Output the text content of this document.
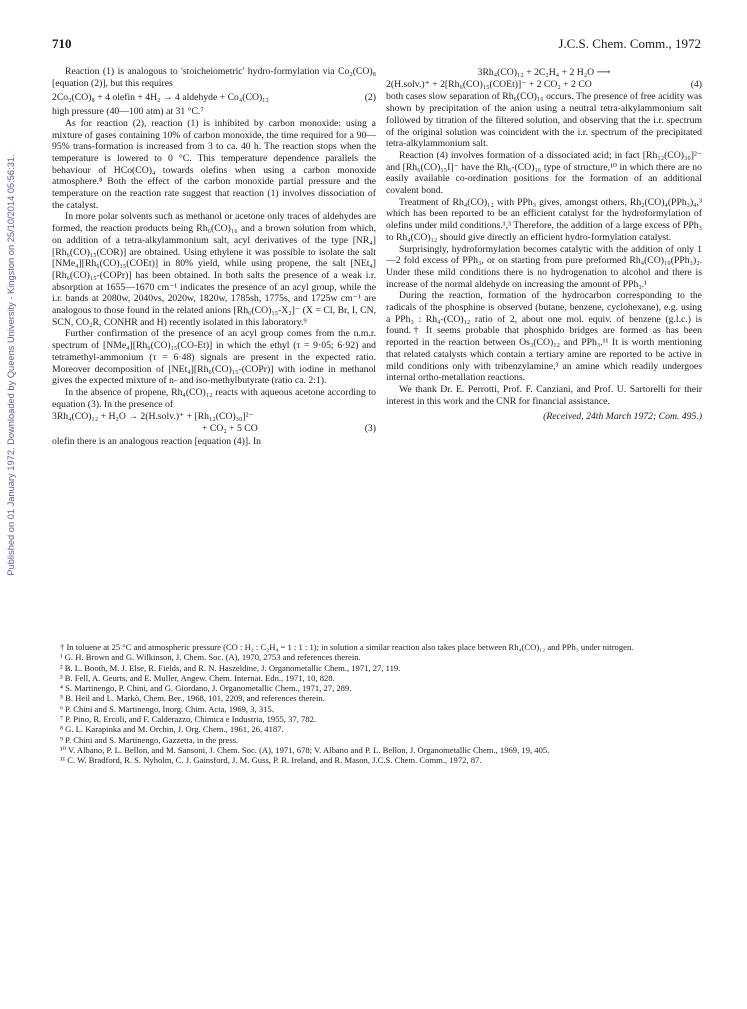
Published on 01 January 1972. Downloaded by Queens University - Kingston on 25/10/2014 05:56:31.
710	J.C.S. Chem. Comm., 1972

Reaction (1) is analogous to 'stoicheiometric' hydro-formylation via Co₂(CO)₈ [equation (2)], but this requires

2Co₂(CO)₈ + 4 olefin + 4H₂ → 4 aldehyde + Co₄(CO)₁₂	(2)

high pressure (40—100 atm) at 31 °C.⁷

As for reaction (2), reaction (1) is inhibited by carbon monoxide: using a mixture of gases containing 10% of carbon monoxide, the time required for a 90—95% trans-formation is increased from 3 to ca. 40 h. The reaction stops when the temperature is lowered to 0 °C. This temperature dependence parallels the behaviour of HCo(CO)₄ towards olefins when using a carbon monoxide atmosphere.⁸ Both the effect of the carbon monoxide partial pressure and the temperature on the reaction rate suggest that reaction (1) involves dissociation of the catalyst.

In more polar solvents such as methanol or acetone only traces of aldehydes are formed, the reaction products being Rh₆(CO)₁₆ and a brown solution from which, on addition of a tetra-alkylammonium salt, acyl derivatives of the type [NR₄][Rh₆(CO)₁₅(COR)] are obtained. Using ethylene it was possible to isolate the salt [NMe₄][Rh₆(CO)₁₅(COEt)] in 80% yield, while using propene, the salt [NEt₄][Rh₆(CO)₁₅-(COPr)] has been obtained. In both salts the presence of a weak i.r. absorption at 1655—1670 cm⁻¹ indicates the presence of an acyl group, while the i.r. bands at 2080w, 2040vs, 2020w, 1820w, 1785sh, 1775s, and 1725w cm⁻¹ are analogous to those found in the related anions [Rh₆(CO)₁₅-X₂]⁻ (X = Cl, Br, I, CN, SCN, CO₂R, CONHR and H) recently isolated in this laboratory.⁹

Further confirmation of the presence of an acyl group comes from the n.m.r. spectrum of [NMe₄][Rh₆(CO)₁₅(CO-Et)] in which the ethyl (τ = 9·05; 6·92) and tetramethyl-ammonium (τ = 6·48) signals are present in the expected ratio. Moreover decomposition of [NEt₄][Rh₆(CO)₁₅-(COPr)] with iodine in methanol gives the expected mixture of n- and iso-methylbutyrate (ratio ca. 2:1).

In the absence of propene, Rh₄(CO)₁₂ reacts with aqueous acetone according to equation (3). In the presence of

3Rh₄(CO)₁₂ + H₂O → 2(H.solv.)⁺ + [Rh₁₂(CO)₃₀]²⁻
+ CO₂ + 5 CO	(3)

olefin there is an analogous reaction [equation (4)]. In

3Rh₄(CO)₁₂ + 2C₂H₄ + 2 H₂O ⟶
2(H.solv.)⁺ + 2[Rh₆(CO)₁₅(COEt)]⁻ + 2 CO₂ + 2 CO	(4)

both cases slow separation of Rh₆(CO)₁₆ occurs. The presence of free acidity was shown by precipitation of the anion using a neutral tetra-alkylammonium salt followed by titration of the filtered solution, and observing that the i.r. spectrum of the original solution was coincident with the i.r. spectrum of the precipitated tetra-alkylammonium salt.

Reaction (4) involves formation of a dissociated acid; in fact [Rh₁₂(CO)₃₀]²⁻ and [Rh₆(CO)₁₅I]⁻ have the Rh₆-(CO)₁₆ type of structure,¹⁰ in which there are no easily available co-ordination positions for the formation of an additional covalent bond.

Treatment of Rh₄(CO)₁₂ with PPh₃ gives, amongst others, Rh₂(CO)₄(PPh₃)₄,³ which has been reported to be an efficient catalyst for the hydroformylation of olefins under mild conditions.¹,³ Therefore, the addition of a large excess of PPh₃ to Rh₄(CO)₁₂ should give directly an efficient hydro-formylation catalyst.

Surprisingly, hydroformylation becomes catalytic with the addition of only 1—2 fold excess of PPh₃, or on starting from pure preformed Rh₄(CO)₁₀(PPh₃)₂. Under these mild conditions there is no hydrogenation to alcohol and there is increase of the normal aldehyde on increasing the amount of PPh₃.¹

During the reaction, formation of the hydrocarbon corresponding to the radicals of the phosphine is observed (butane, benzene, cyclohexane), e.g. using a PPh₃ : Rh₄-(CO)₁₂ ratio of 2, about one mol. equiv. of benzene (g.l.c.) is found.† It seems probable that phosphido bridges are formed as has been reported in the reaction between Os₃(CO)₁₂ and PPh₃.¹¹ It is worth mentioning that related catalysts which contain a tertiary amine are reported to be active in mild conditions only with tribenzylamine,³ an amine which readily undergoes internal ortho-metallation reactions.

We thank Dr. E. Perrotti, Prof. F. Canziani, and Prof. U. Sartorelli for their interest in this work and the CNR for financial assistance.

(Received, 24th March 1972; Com. 495.)

† In toluene at 25 °C and atmospheric pressure (CO : H₂ : C₂H₄ = 1 : 1 : 1); in solution a similar reaction also takes place between Rh₄(CO)₁₂ and PPh₃ under nitrogen.

¹ G. H. Brown and G. Wilkinson, J. Chem. Soc. (A), 1970, 2753 and references therein.

² B. L. Booth, M. J. Else, R. Fields, and R. N. Haszeldine, J. Organometallic Chem., 1971, 27, 119.

³ B. Fell, A. Geurts, and E. Muller, Angew. Chem. Internat. Edn., 1971, 10, 828.

⁴ S. Martinengo, P. Chini, and G. Giordano, J. Organometallic Chem., 1971, 27, 289.

⁵ B. Heil and L. Markò, Chem. Ber., 1968, 101, 2209, and references therein.

⁶ P. Chini and S. Martinengo, Inorg. Chim. Acta, 1969, 3, 315.

⁷ P. Pino, R. Ercoli, and F. Calderazzo, Chimica e Industria, 1955, 37, 782.

⁸ G. L. Karapinka and M. Orchin, J. Org. Chem., 1961, 26, 4187.

⁹ P. Chini and S. Martinengo, Gazzetta, in the press.

¹⁰ V. Albano, P. L. Bellon, and M. Sansoni, J. Chem. Soc. (A), 1971, 678; V. Albano and P. L. Bellon, J. Organometallic Chem., 1969, 19, 405.

¹¹ C. W. Bradford, R. S. Nyholm, C. J. Gainsford, J. M. Guss, P. R. Ireland, and R. Mason, J.C.S. Chem. Comm., 1972, 87.
